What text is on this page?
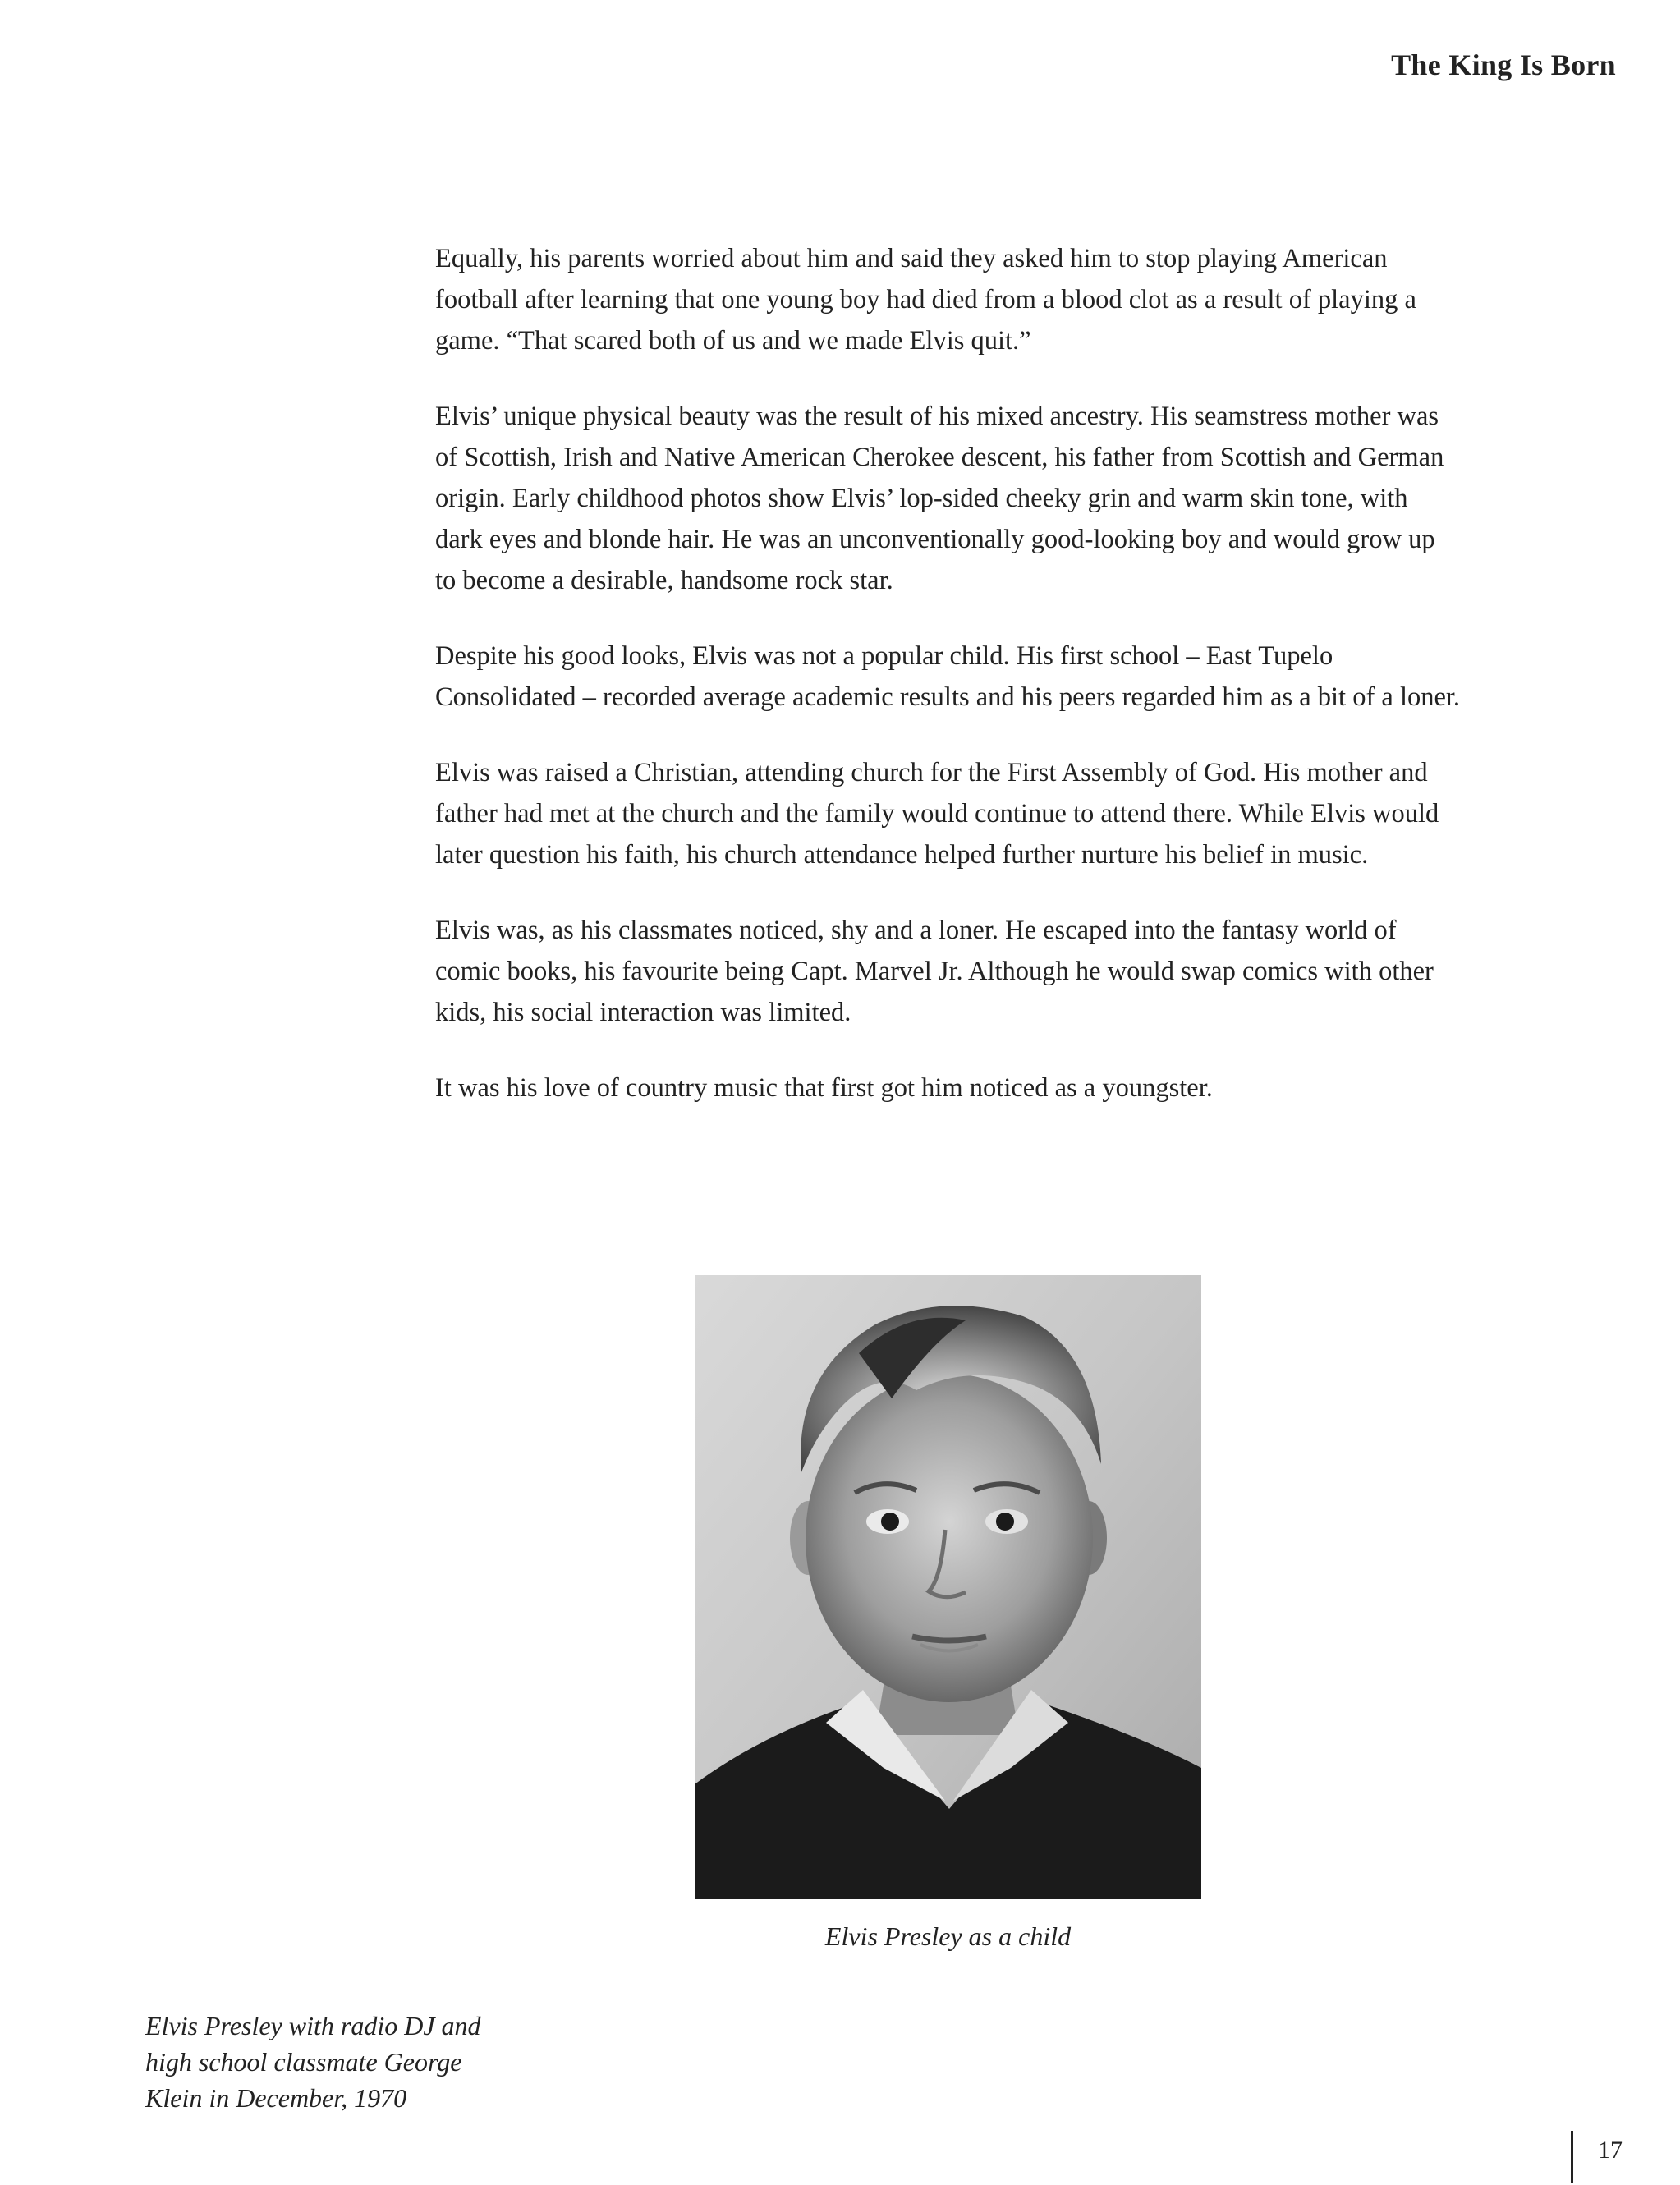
The King Is Born

Equally, his parents worried about him and said they asked him to stop playing American football after learning that one young boy had died from a blood clot as a result of playing a game. “That scared both of us and we made Elvis quit.”

Elvis’ unique physical beauty was the result of his mixed ancestry. His seamstress mother was of Scottish, Irish and Native American Cherokee descent, his father from Scottish and German origin. Early childhood photos show Elvis’ lop-sided cheeky grin and warm skin tone, with dark eyes and blonde hair. He was an unconventionally good-looking boy and would grow up to become a desirable, handsome rock star.

Despite his good looks, Elvis was not a popular child. His first school – East Tupelo Consolidated – recorded average academic results and his peers regarded him as a bit of a loner.

Elvis was raised a Christian, attending church for the First Assembly of God. His mother and father had met at the church and the family would continue to attend there. While Elvis would later question his faith, his church attendance helped further nurture his belief in music.

Elvis was, as his classmates noticed, shy and a loner. He escaped into the fantasy world of comic books, his favourite being Capt. Marvel Jr. Although he would swap comics with other kids, his social interaction was limited.

It was his love of country music that first got him noticed as a youngster.

Elvis Presley as a child
Elvis Presley with radio DJ and
high school classmate George
Klein in December, 1970
17
